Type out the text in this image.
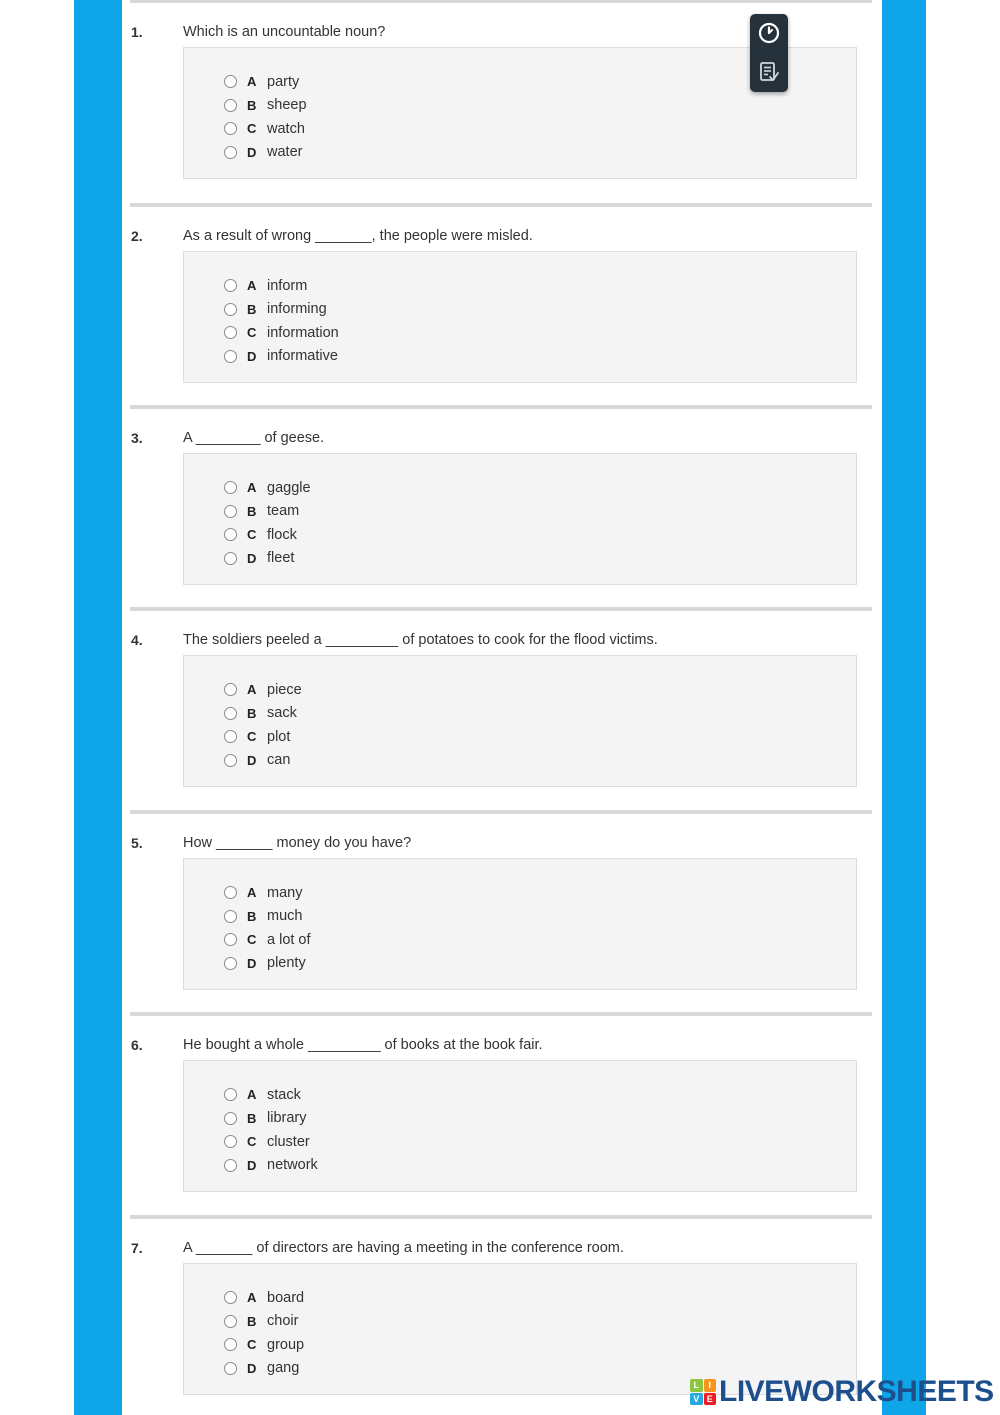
1.	Which is an uncountable noun?
A party
B sheep
C watch
D water
2.	As a result of wrong _______, the people were misled.
A inform
B informing
C information
D informative
3.	A ________ of geese.
A gaggle
B team
C flock
D fleet
4.	The soldiers peeled a _________ of potatoes to cook for the flood victims.
A piece
B sack
C plot
D can
5.	How _______ money do you have?
A many
B much
C a lot of
D plenty
6.	He bought a whole _________ of books at the book fair.
A stack
B library
C cluster
D network
7.	A _______ of directors are having a meeting in the conference room.
A board
B choir
C group
D gang
L	I
V E LIVEWORKSHEETS
